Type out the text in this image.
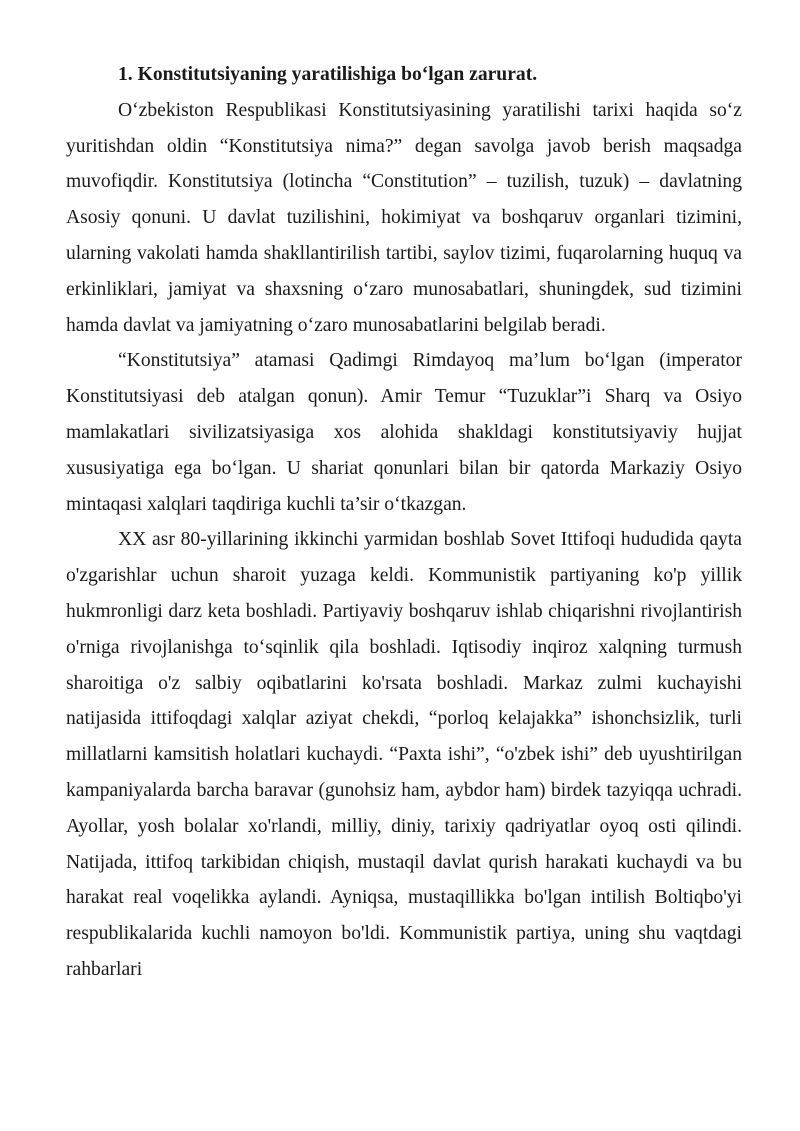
1. Konstitutsiyaning yaratilishiga bo‘lgan zarurat.

O‘zbekiston Respublikasi Konstitutsiyasining yaratilishi tarixi haqida so‘z yuritishdan oldin “Konstitutsiya nima?” degan savolga javob berish maqsadga muvofiqdir. Konstitutsiya (lotincha “Constitution” – tuzilish, tuzuk) – davlatning Asosiy qonuni. U davlat tuzilishini, hokimiyat va boshqaruv organlari tizimini, ularning vakolati hamda shakllantirilish tartibi, saylov tizimi, fuqarolarning huquq va erkinliklari, jamiyat va shaxsning o‘zaro munosabatlari, shuningdek, sud tizimini hamda davlat va jamiyatning o‘zaro munosabatlarini belgilab beradi.

“Konstitutsiya” atamasi Qadimgi Rimdayoq ma’lum bo‘lgan (imperator Konstitutsiyasi deb atalgan qonun). Amir Temur “Tuzuklar”i Sharq va Osiyo mamlakatlari sivilizatsiyasiga xos alohida shakldagi konstitutsiyaviy hujjat xususiyatiga ega bo‘lgan. U shariat qonunlari bilan bir qatorda Markaziy Osiyo mintaqasi xalqlari taqdiriga kuchli ta’sir o‘tkazgan.

XX asr 80-yillarining ikkinchi yarmidan boshlab Sovet Ittifoqi hududida qayta o'zgarishlar uchun sharoit yuzaga keldi. Kommunistik partiyaning ko'p yillik hukmronligi darz keta boshladi. Partiyaviy boshqaruv ishlab chiqarishni rivojlantirish o'rniga rivojlanishga to‘sqinlik qila boshladi. Iqtisodiy inqiroz xalqning turmush sharoitiga o'z salbiy oqibatlarini ko'rsata boshladi. Markaz zulmi kuchayishi natijasida ittifoqdagi xalqlar aziyat chekdi, “porloq kelajakka” ishonchsizlik, turli millatlarni kamsitish holatlari kuchaydi. “Paxta ishi”, “o'zbek ishi” deb uyushtirilgan kampaniyalarda barcha baravar (gunohsiz ham, aybdor ham) birdek tazyiqqa uchradi. Ayollar, yosh bolalar xo'rlandi, milliy, diniy, tarixiy qadriyatlar oyoq osti qilindi. Natijada, ittifoq tarkibidan chiqish, mustaqil davlat qurish harakati kuchaydi va bu harakat real voqelikka aylandi. Ayniqsa, mustaqillikka bo'lgan intilish Boltiqbo'yi respublikalarida kuchli namoyon bo'ldi. Kommunistik partiya, uning shu vaqtdagi rahbarlari
